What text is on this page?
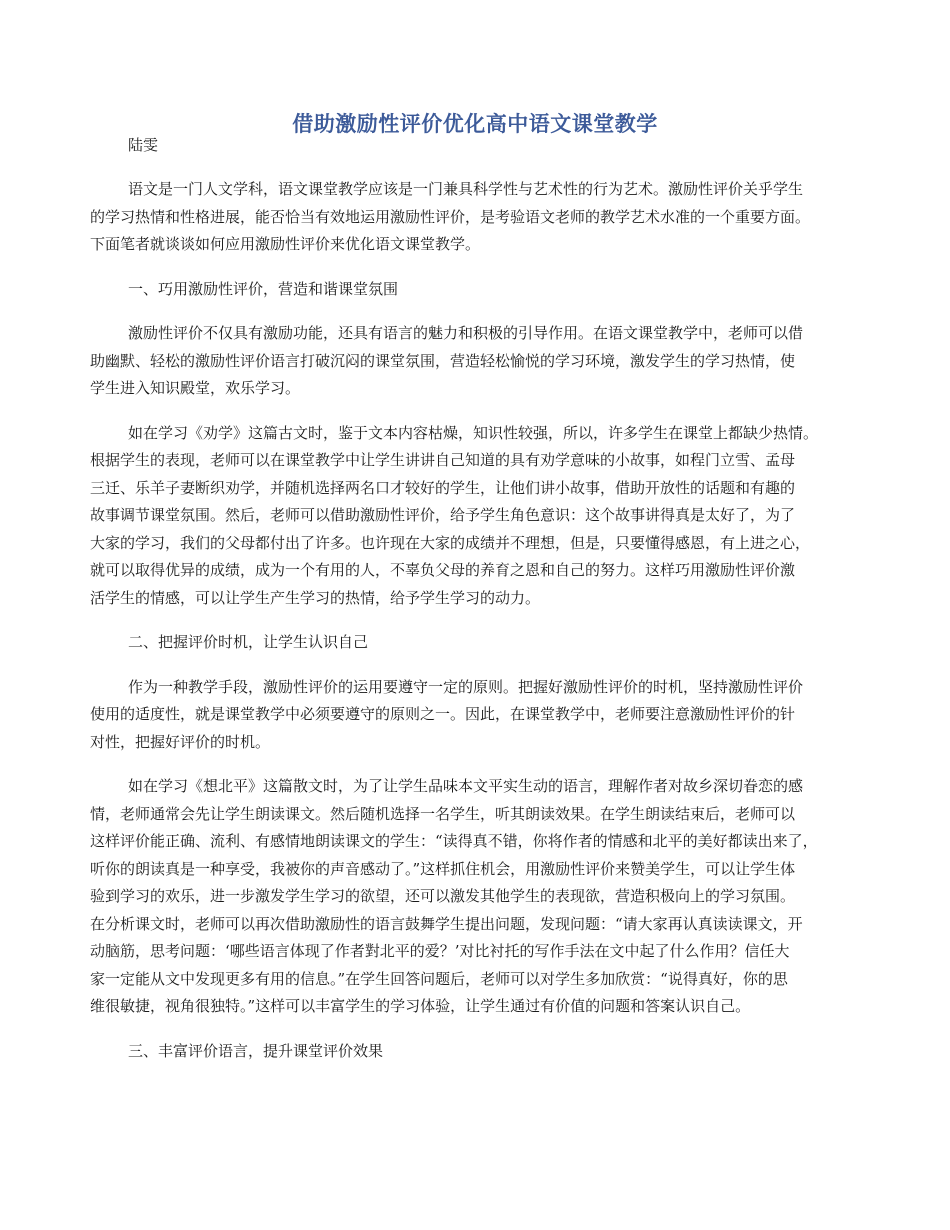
借助激励性评价优化高中语文课堂教学
陆雯
语文是一门人文学科，语文课堂教学应该是一门兼具科学性与艺术性的行为艺术。激励性评价关乎学生
的学习热情和性格进展，能否恰当有效地运用激励性评价，是考验语文老师的教学艺术水准的一个重要方面。
下面笔者就谈谈如何应用激励性评价来优化语文课堂教学。
一、巧用激励性评价，营造和谐课堂氛围
激励性评价不仅具有激励功能，还具有语言的魅力和积极的引导作用。在语文课堂教学中，老师可以借
助幽默、轻松的激励性评价语言打破沉闷的课堂氛围，营造轻松愉悦的学习环境，激发学生的学习热情，使
学生进入知识殿堂，欢乐学习。
如在学习《劝学》这篇古文时，鉴于文本内容枯燥，知识性较强，所以，许多学生在课堂上都缺少热情。
根据学生的表现，老师可以在课堂教学中让学生讲讲自己知道的具有劝学意味的小故事，如程门立雪、孟母
三迁、乐羊子妻断织劝学，并随机选择两名口才较好的学生，让他们讲小故事，借助开放性的话题和有趣的
故事调节课堂氛围。然后，老师可以借助激励性评价，给予学生角色意识：这个故事讲得真是太好了，为了
大家的学习，我们的父母都付出了许多。也许现在大家的成绩并不理想，但是，只要懂得感恩，有上进之心，
就可以取得优异的成绩，成为一个有用的人，不辜负父母的养育之恩和自己的努力。这样巧用激励性评价激
活学生的情感，可以让学生产生学习的热情，给予学生学习的动力。
二、把握评价时机，让学生认识自己
作为一种教学手段，激励性评价的运用要遵守一定的原则。把握好激励性评价的时机，坚持激励性评价
使用的适度性，就是课堂教学中必须要遵守的原则之一。因此，在课堂教学中，老师要注意激励性评价的针
对性，把握好评价的时机。
如在学习《想北平》这篇散文时，为了让学生品味本文平实生动的语言，理解作者对故乡深切眷恋的感
情，老师通常会先让学生朗读课文。然后随机选择一名学生，听其朗读效果。在学生朗读结束后，老师可以
这样评价能正确、流利、有感情地朗读课文的学生：“读得真不错，你将作者的情感和北平的美好都读出来了，
听你的朗读真是一种享受，我被你的声音感动了。”这样抓住机会，用激励性评价来赞美学生，可以让学生体
验到学习的欢乐，进一步激发学生学习的欲望，还可以激发其他学生的表现欲，营造积极向上的学习氛围。
在分析课文时，老师可以再次借助激励性的语言鼓舞学生提出问题，发现问题：“请大家再认真读读课文，开
动脑筋，思考问题：‘哪些语言体现了作者對北平的爱？’对比衬托的写作手法在文中起了什么作用？信任大
家一定能从文中发现更多有用的信息。”在学生回答问题后，老师可以对学生多加欣赏：“说得真好，你的思
维很敏捷，视角很独特。”这样可以丰富学生的学习体验，让学生通过有价值的问题和答案认识自己。
三、丰富评价语言，提升课堂评价效果
